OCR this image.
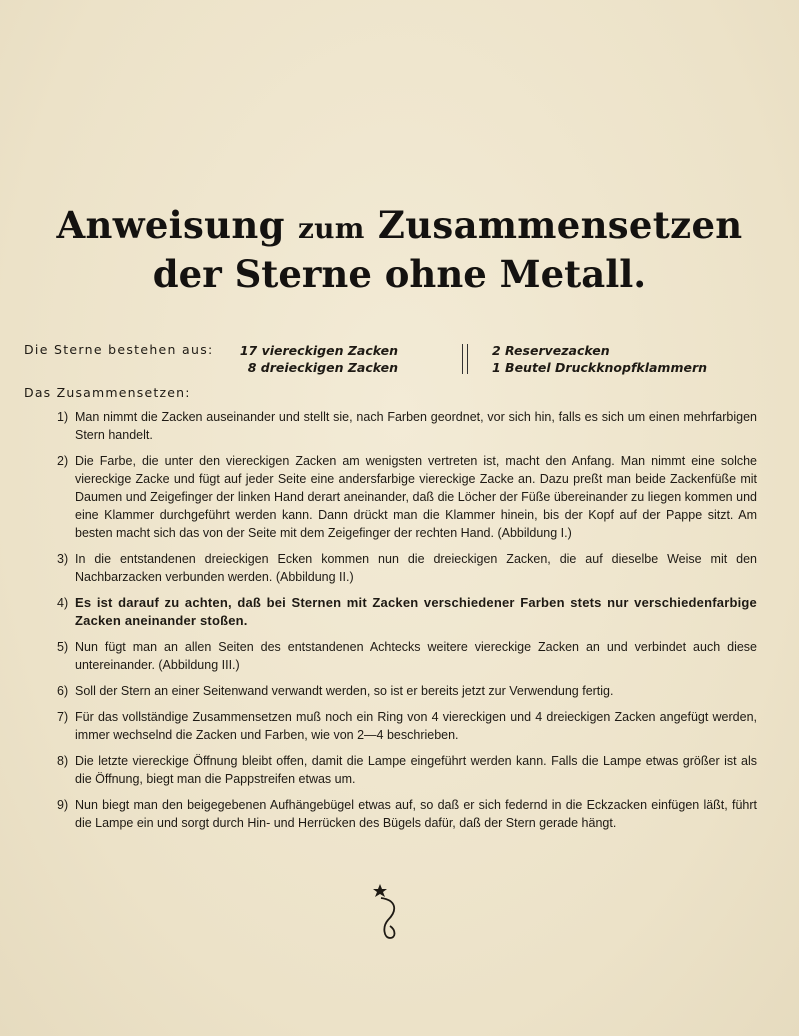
Anweisung zum Zusammensetzen
der Sterne ohne Metall.
Die Sterne bestehen aus:	17 viereckigen Zacken
8 dreieckigen Zacken
2 Reservezacken
1 Beutel Druckknopfklammern
Das Zusammensetzen:
1) Man nimmt die Zacken auseinander und stellt sie, nach Farben geordnet, vor sich hin, falls es sich um einen mehrfarbigen Stern handelt.
2) Die Farbe, die unter den viereckigen Zacken am wenigsten vertreten ist, macht den Anfang. Man nimmt eine solche viereckige Zacke und fügt auf jeder Seite eine andersfarbige viereckige Zacke an. Dazu preßt man beide Zackenfüße mit Daumen und Zeigefinger der linken Hand derart aneinander, daß die Löcher der Füße übereinander zu liegen kommen und eine Klammer durchgeführt werden kann. Dann drückt man die Klammer hinein, bis der Kopf auf der Pappe sitzt. Am besten macht sich das von der Seite mit dem Zeigefinger der rechten Hand. (Abbildung I.)
3) In die entstandenen dreieckigen Ecken kommen nun die dreieckigen Zacken, die auf dieselbe Weise mit den Nachbarzacken verbunden werden. (Abbildung II.)
4) Es ist darauf zu achten, daß bei Sternen mit Zacken verschiedener Farben stets nur verschiedenfarbige Zacken aneinander stoßen.
5) Nun fügt man an allen Seiten des entstandenen Achtecks weitere viereckige Zacken an und verbindet auch diese untereinander. (Abbildung III.)
6) Soll der Stern an einer Seitenwand verwandt werden, so ist er bereits jetzt zur Verwendung fertig.
7) Für das vollständige Zusammensetzen muß noch ein Ring von 4 viereckigen und 4 dreieckigen Zacken angefügt werden, immer wechselnd die Zacken und Farben, wie von 2—4 beschrieben.
8) Die letzte viereckige Öffnung bleibt offen, damit die Lampe eingeführt werden kann. Falls die Lampe etwas größer ist als die Öffnung, biegt man die Pappstreifen etwas um.
9) Nun biegt man den beigegebenen Aufhängebügel etwas auf, so daß er sich federnd in die Eckzacken einfügen läßt, führt die Lampe ein und sorgt durch Hin- und Herrücken des Bügels dafür, daß der Stern gerade hängt.
